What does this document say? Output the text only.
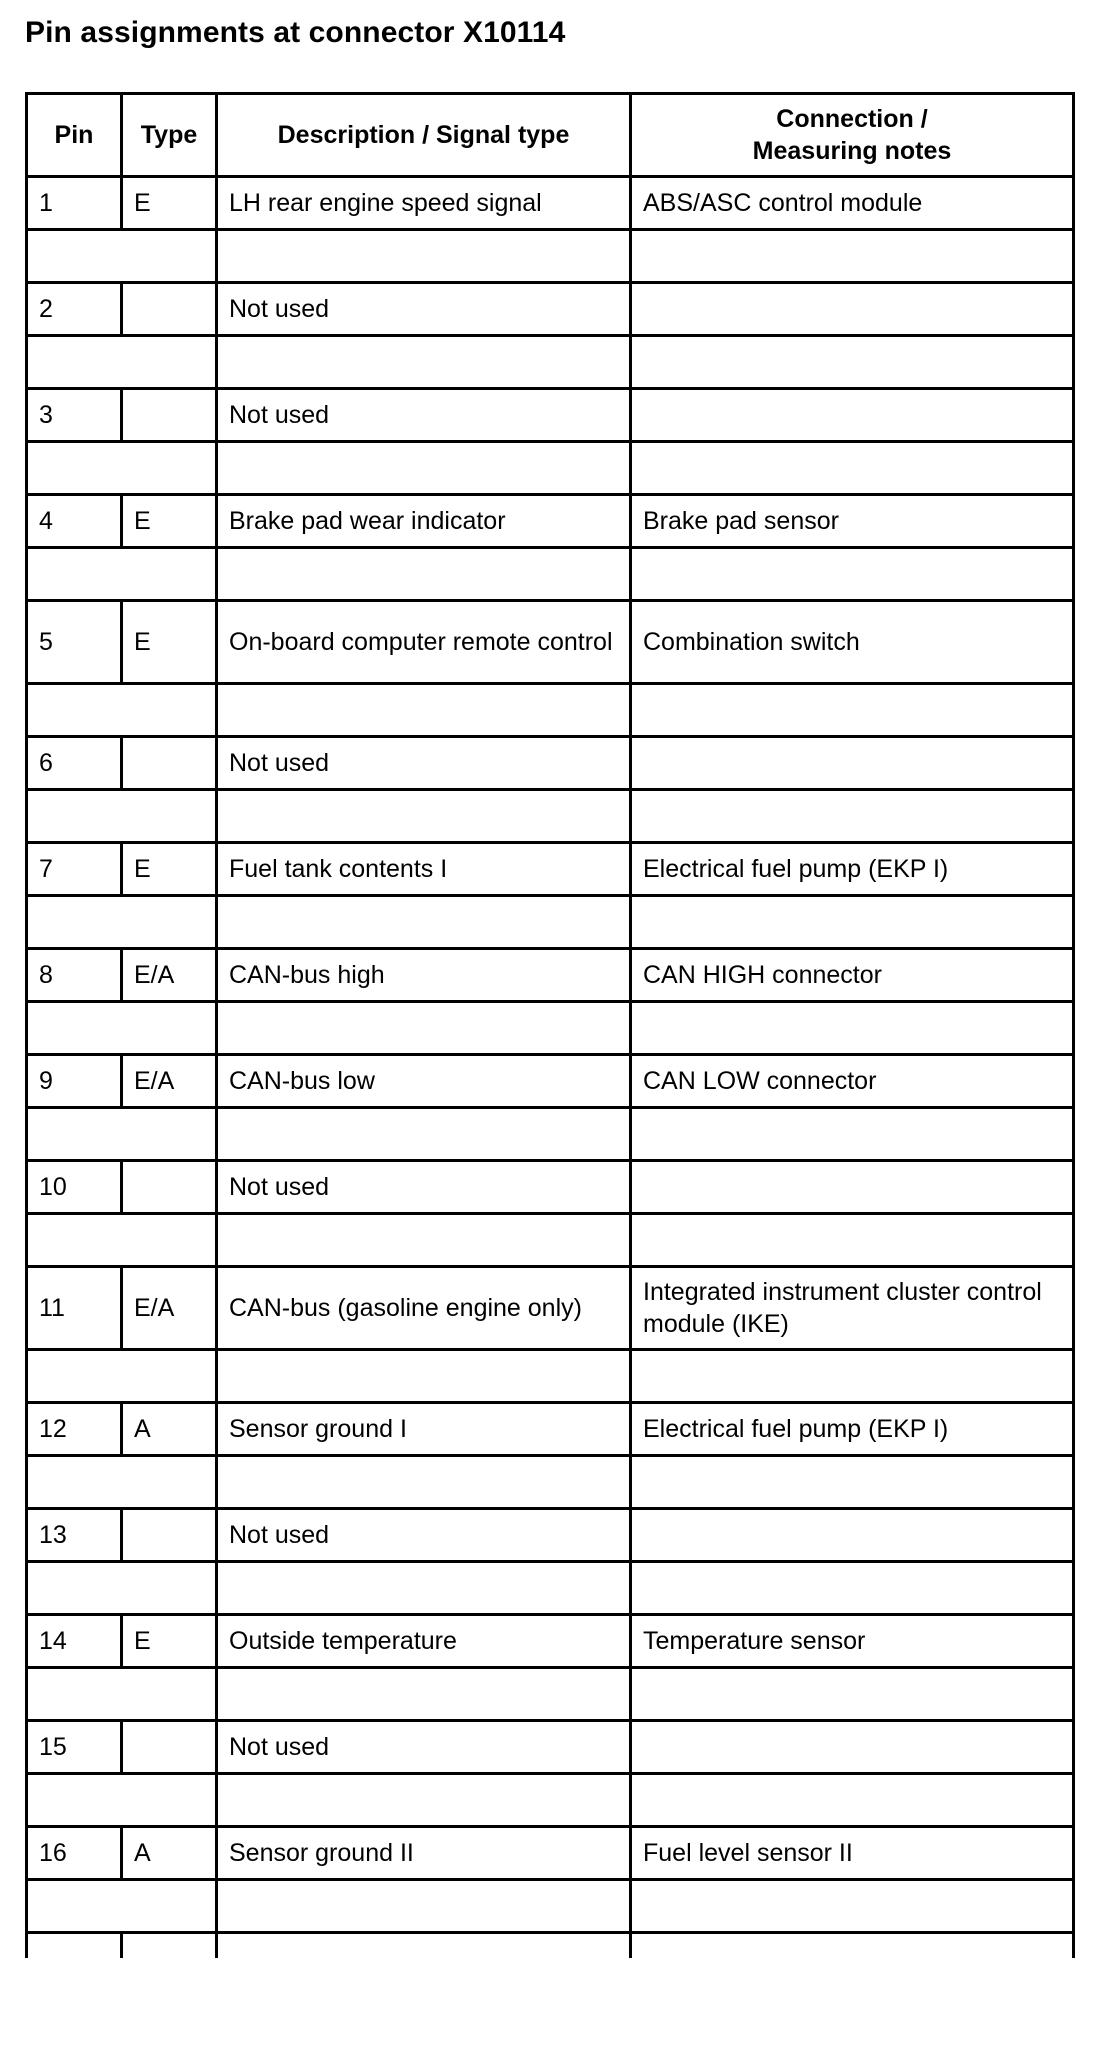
Pin assignments at connector X10114
Pin	Type	Description / Signal type	Connection /
Measuring notes
1	E	LH rear engine speed signal	ABS/ASC control module

2		Not used	

3		Not used	

4	E	Brake pad wear indicator	Brake pad sensor

5	E	On-board computer remote control	Combination switch

6		Not used	

7	E	Fuel tank contents I	Electrical fuel pump (EKP I)

8	E/A	CAN-bus high	CAN HIGH connector

9	E/A	CAN-bus low	CAN LOW connector

10		Not used	

11	E/A	CAN-bus (gasoline engine only)	Integrated instrument cluster control module (IKE)

12	A	Sensor ground I	Electrical fuel pump (EKP I)

13		Not used	

14	E	Outside temperature	Temperature sensor

15		Not used	

16	A	Sensor ground II	Fuel level sensor II
